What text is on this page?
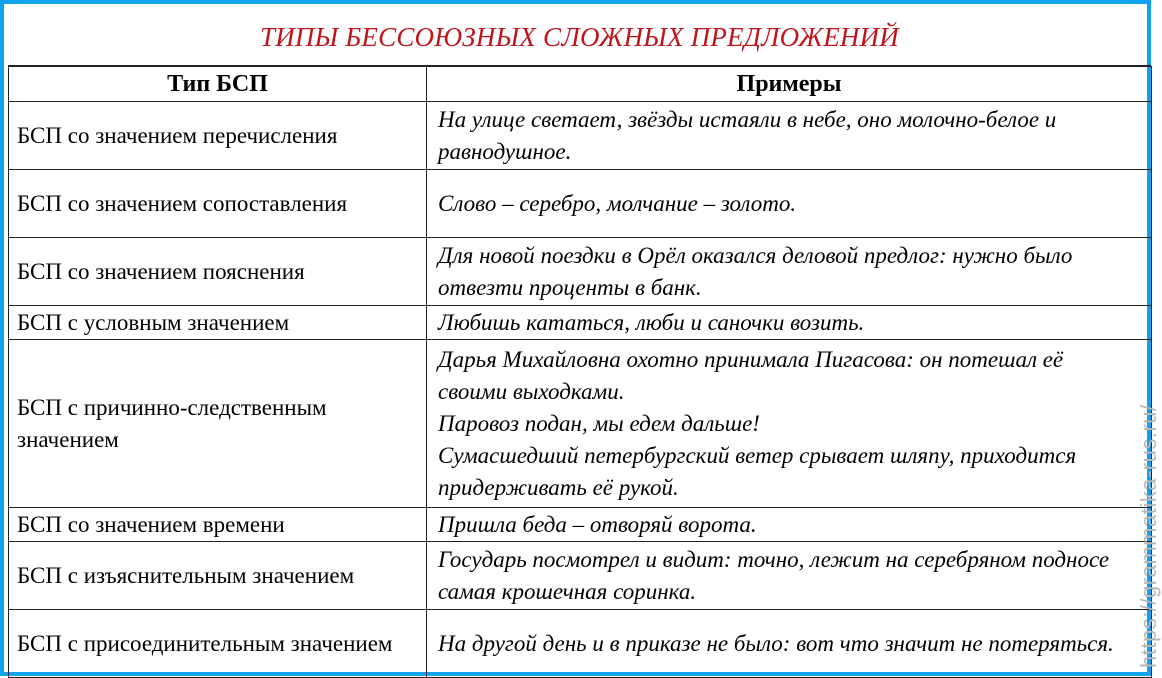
ТИПЫ БЕССОЮЗНЫХ СЛОЖНЫХ ПРЕДЛОЖЕНИЙ
Тип БСП	Примеры
БСП со значением перечисления	На улице светает, звёзды истаяли в небе, оно молочно-белое и равнодушное.

БСП со значением сопоставления	Слово – серебро, молчание – золото.

БСП со значением пояснения	Для новой поездки в Орёл оказался деловой предлог: нужно было отвезти проценты в банк.

БСП с условным значением	Любишь кататься, люби и саночки возить.

БСП с причинно-следственным значением	Дарья Михайловна охотно принимала Пигасова: он потешал её своими выходками.
Паровоз подан, мы едем дальше!
Сумасшедший петербургский ветер срывает шляпу, приходится придерживать её рукой.

БСП со значением времени	Пришла беда – отворяй ворота.

БСП с изъяснительным значением	Государь посмотрел и видит: точно, лежит на серебряном подносе самая крошечная соринка.

БСП с присоединительным значением	На другой день и в приказе не было: вот что значит не потеряться.	https://grammatika-rus.ru/
